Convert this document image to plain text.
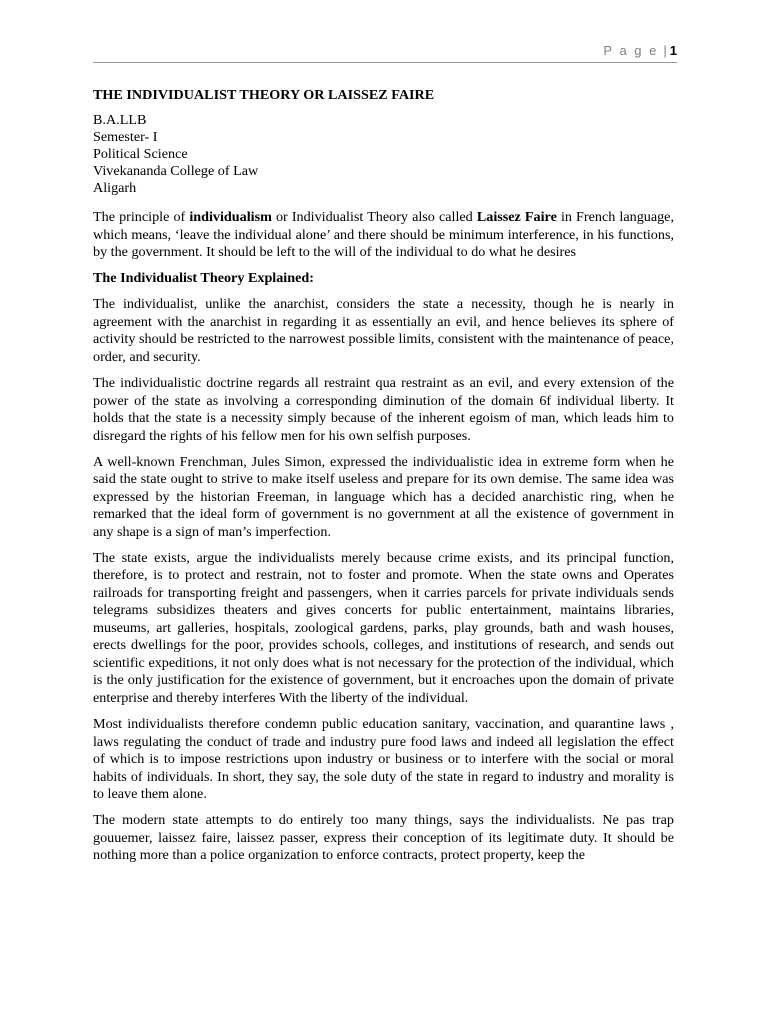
P a g e | 1
THE INDIVIDUALIST THEORY OR LAISSEZ FAIRE
B.A.LLB
Semester- I
Political Science
Vivekananda College of Law
Aligarh

The principle of individualism or Individualist Theory also called Laissez Faire in French language, which means, ‘leave the individual alone’ and there should be minimum interference, in his functions, by the government. It should be left to the will of the individual to do what he desires

The Individualist Theory Explained:

The individualist, unlike the anarchist, considers the state a necessity, though he is nearly in agreement with the anarchist in regarding it as essentially an evil, and hence believes its sphere of activity should be restricted to the narrowest possible limits, consistent with the maintenance of peace, order, and security.

The individualistic doctrine regards all restraint qua restraint as an evil, and every extension of the power of the state as involving a corresponding diminution of the domain 6f individual liberty. It holds that the state is a necessity simply because of the inherent egoism of man, which leads him to disregard the rights of his fellow men for his own selfish purposes.

A well-known Frenchman, Jules Simon, expressed the individualistic idea in extreme form when he said the state ought to strive to make itself useless and prepare for its own demise. The same idea was expressed by the historian Freeman, in language which has a decided anarchistic ring, when he remarked that the ideal form of government is no government at all the existence of government in any shape is a sign of man’s imperfection.

The state exists, argue the individualists merely because crime exists, and its principal function, therefore, is to protect and restrain, not to foster and promote. When the state owns and Operates railroads for transporting freight and passengers, when it carries parcels for private individuals sends telegrams subsidizes theaters and gives concerts for public entertainment, maintains libraries, museums, art galleries, hospitals, zoological gardens, parks, play grounds, bath and wash houses, erects dwellings for the poor, provides schools, colleges, and institutions of research, and sends out scientific expeditions, it not only does what is not necessary for the protection of the individual, which is the only justification for the existence of government, but it encroaches upon the domain of private enterprise and thereby interferes With the liberty of the individual.

Most individualists therefore condemn public education sanitary, vaccination, and quarantine laws , laws regulating the conduct of trade and industry pure food laws and indeed all legislation the effect of which is to impose restrictions upon industry or business or to interfere with the social or moral habits of individuals. In short, they say, the sole duty of the state in regard to industry and morality is to leave them alone.

The modern state attempts to do entirely too many things, says the individualists. Ne pas trap gouuemer, laissez faire, laissez passer, express their conception of its legitimate duty. It should be nothing more than a police organization to enforce contracts, protect property, keep the
